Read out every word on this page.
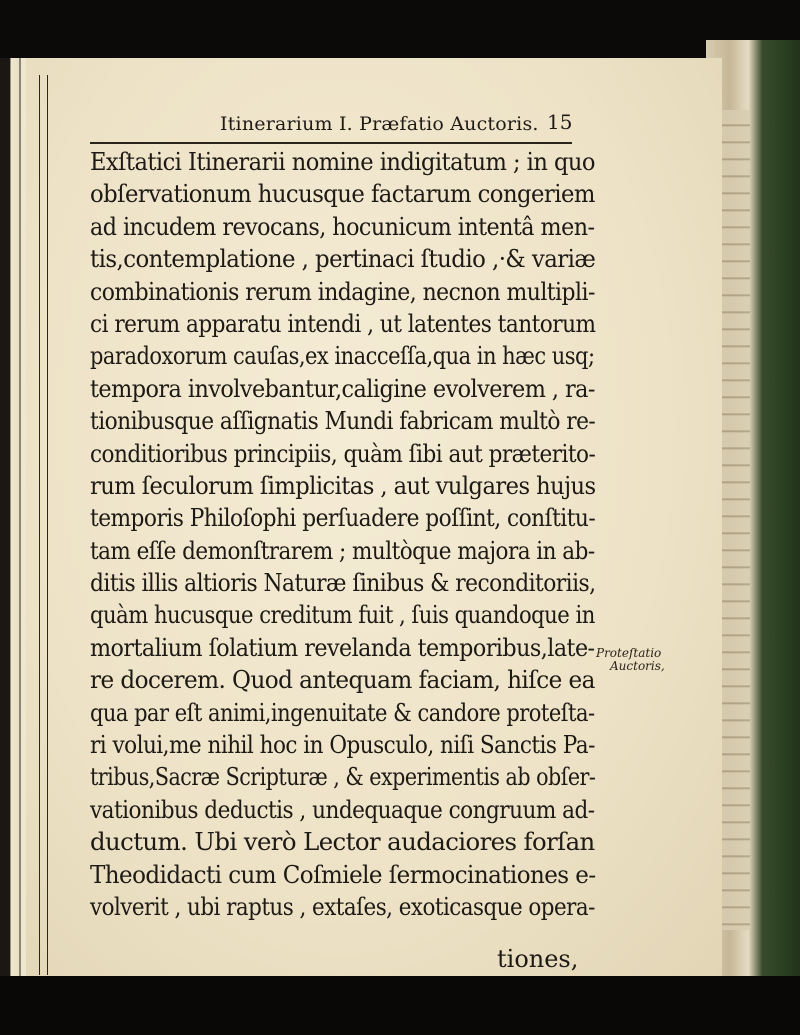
Itinerarium I. Præfatio Auctoris. 15
Exſtatici Itinerarii nomine indigitatum ; in quo
obſervationum hucusque factarum congeriem
ad incudem revocans, hocunicum intentâ men-
tis,contemplatione , pertinaci ſtudio ,·& variæ
combinationis rerum indagine, necnon multipli-
ci rerum apparatu intendi , ut latentes tantorum
paradoxorum cauſas,ex inacceſſa,qua in hæc usq;
tempora involvebantur,caligine evolverem , ra-
tionibusque aſſignatis Mundi fabricam multò re-
conditioribus principiis, quàm ſibi aut præterito-
rum ſeculorum ſimplicitas , aut vulgares hujus
temporis Philoſophi perſuadere poſſint, conſtitu-
tam eſſe demonſtrarem ; multòque majora in ab-
ditis illis altioris Naturæ ſinibus & reconditoriis,
quàm hucusque creditum fuit , ſuis quandoque in
mortalium ſolatium revelanda temporibus,late-
re docerem. Quod antequam faciam, hiſce ea
qua par eſt animi,ingenuitate & candore proteſta-
ri volui,me nihil hoc in Opusculo, niſi Sanctis Pa-
tribus,Sacræ Scripturæ , & experimentis ab obſer-
vationibus deductis , undequaque congruum ad-
ductum. Ubi verò Lector audaciores forſan
Theodidacti cum Coſmiele ſermocinationes e-
volverit , ubi raptus , extaſes, exoticasque opera-
tiones,
Proteſtatio
Auctoris,
